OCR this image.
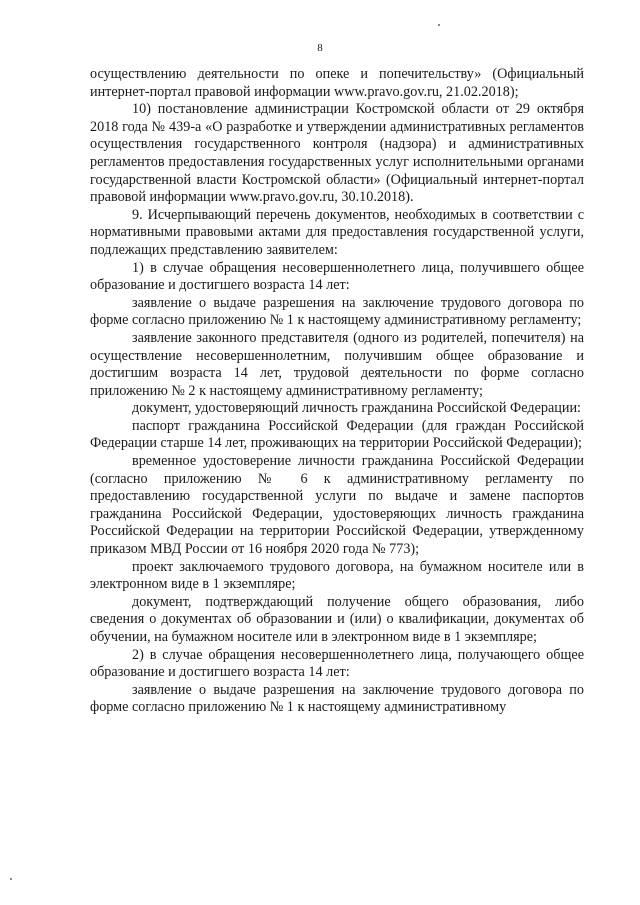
8

осуществлению деятельности по опеке и попечительству» (Официальный интернет-портал правовой информации www.pravo.gov.ru, 21.02.2018);

10) постановление администрации Костромской области от 29 октября 2018 года № 439-а «О разработке и утверждении административных регламентов осуществления государственного контроля (надзора) и административных регламентов предоставления государственных услуг исполнительными органами государственной власти Костромской области» (Официальный интернет-портал правовой информации www.pravo.gov.ru, 30.10.2018).

9. Исчерпывающий перечень документов, необходимых в соответствии с нормативными правовыми актами для предоставления государственной услуги, подлежащих представлению заявителем:

1) в случае обращения несовершеннолетнего лица, получившего общее образование и достигшего возраста 14 лет:

заявление о выдаче разрешения на заключение трудового договора по форме согласно приложению № 1 к настоящему административному регламенту;

заявление законного представителя (одного из родителей, попечителя) на осуществление несовершеннолетним, получившим общее образование и достигшим возраста 14 лет, трудовой деятельности по форме согласно приложению № 2 к настоящему административному регламенту;

документ, удостоверяющий личность гражданина Российской Федерации:

паспорт гражданина Российской Федерации (для граждан Российской Федерации старше 14 лет, проживающих на территории Российской Федерации);

временное удостоверение личности гражданина Российской Федерации (согласно приложению № 6 к административному регламенту по предоставлению государственной услуги по выдаче и замене паспортов гражданина Российской Федерации, удостоверяющих личность гражданина Российской Федерации на территории Российской Федерации, утвержденному приказом МВД России от 16 ноября 2020 года № 773);

проект заключаемого трудового договора, на бумажном носителе или в электронном виде в 1 экземпляре;

документ, подтверждающий получение общего образования, либо сведения о документах об образовании и (или) о квалификации, документах об обучении, на бумажном носителе или в электронном виде в 1 экземпляре;

2) в случае обращения несовершеннолетнего лица, получающего общее образование и достигшего возраста 14 лет:

заявление о выдаче разрешения на заключение трудового договора по форме согласно приложению № 1 к настоящему административному
